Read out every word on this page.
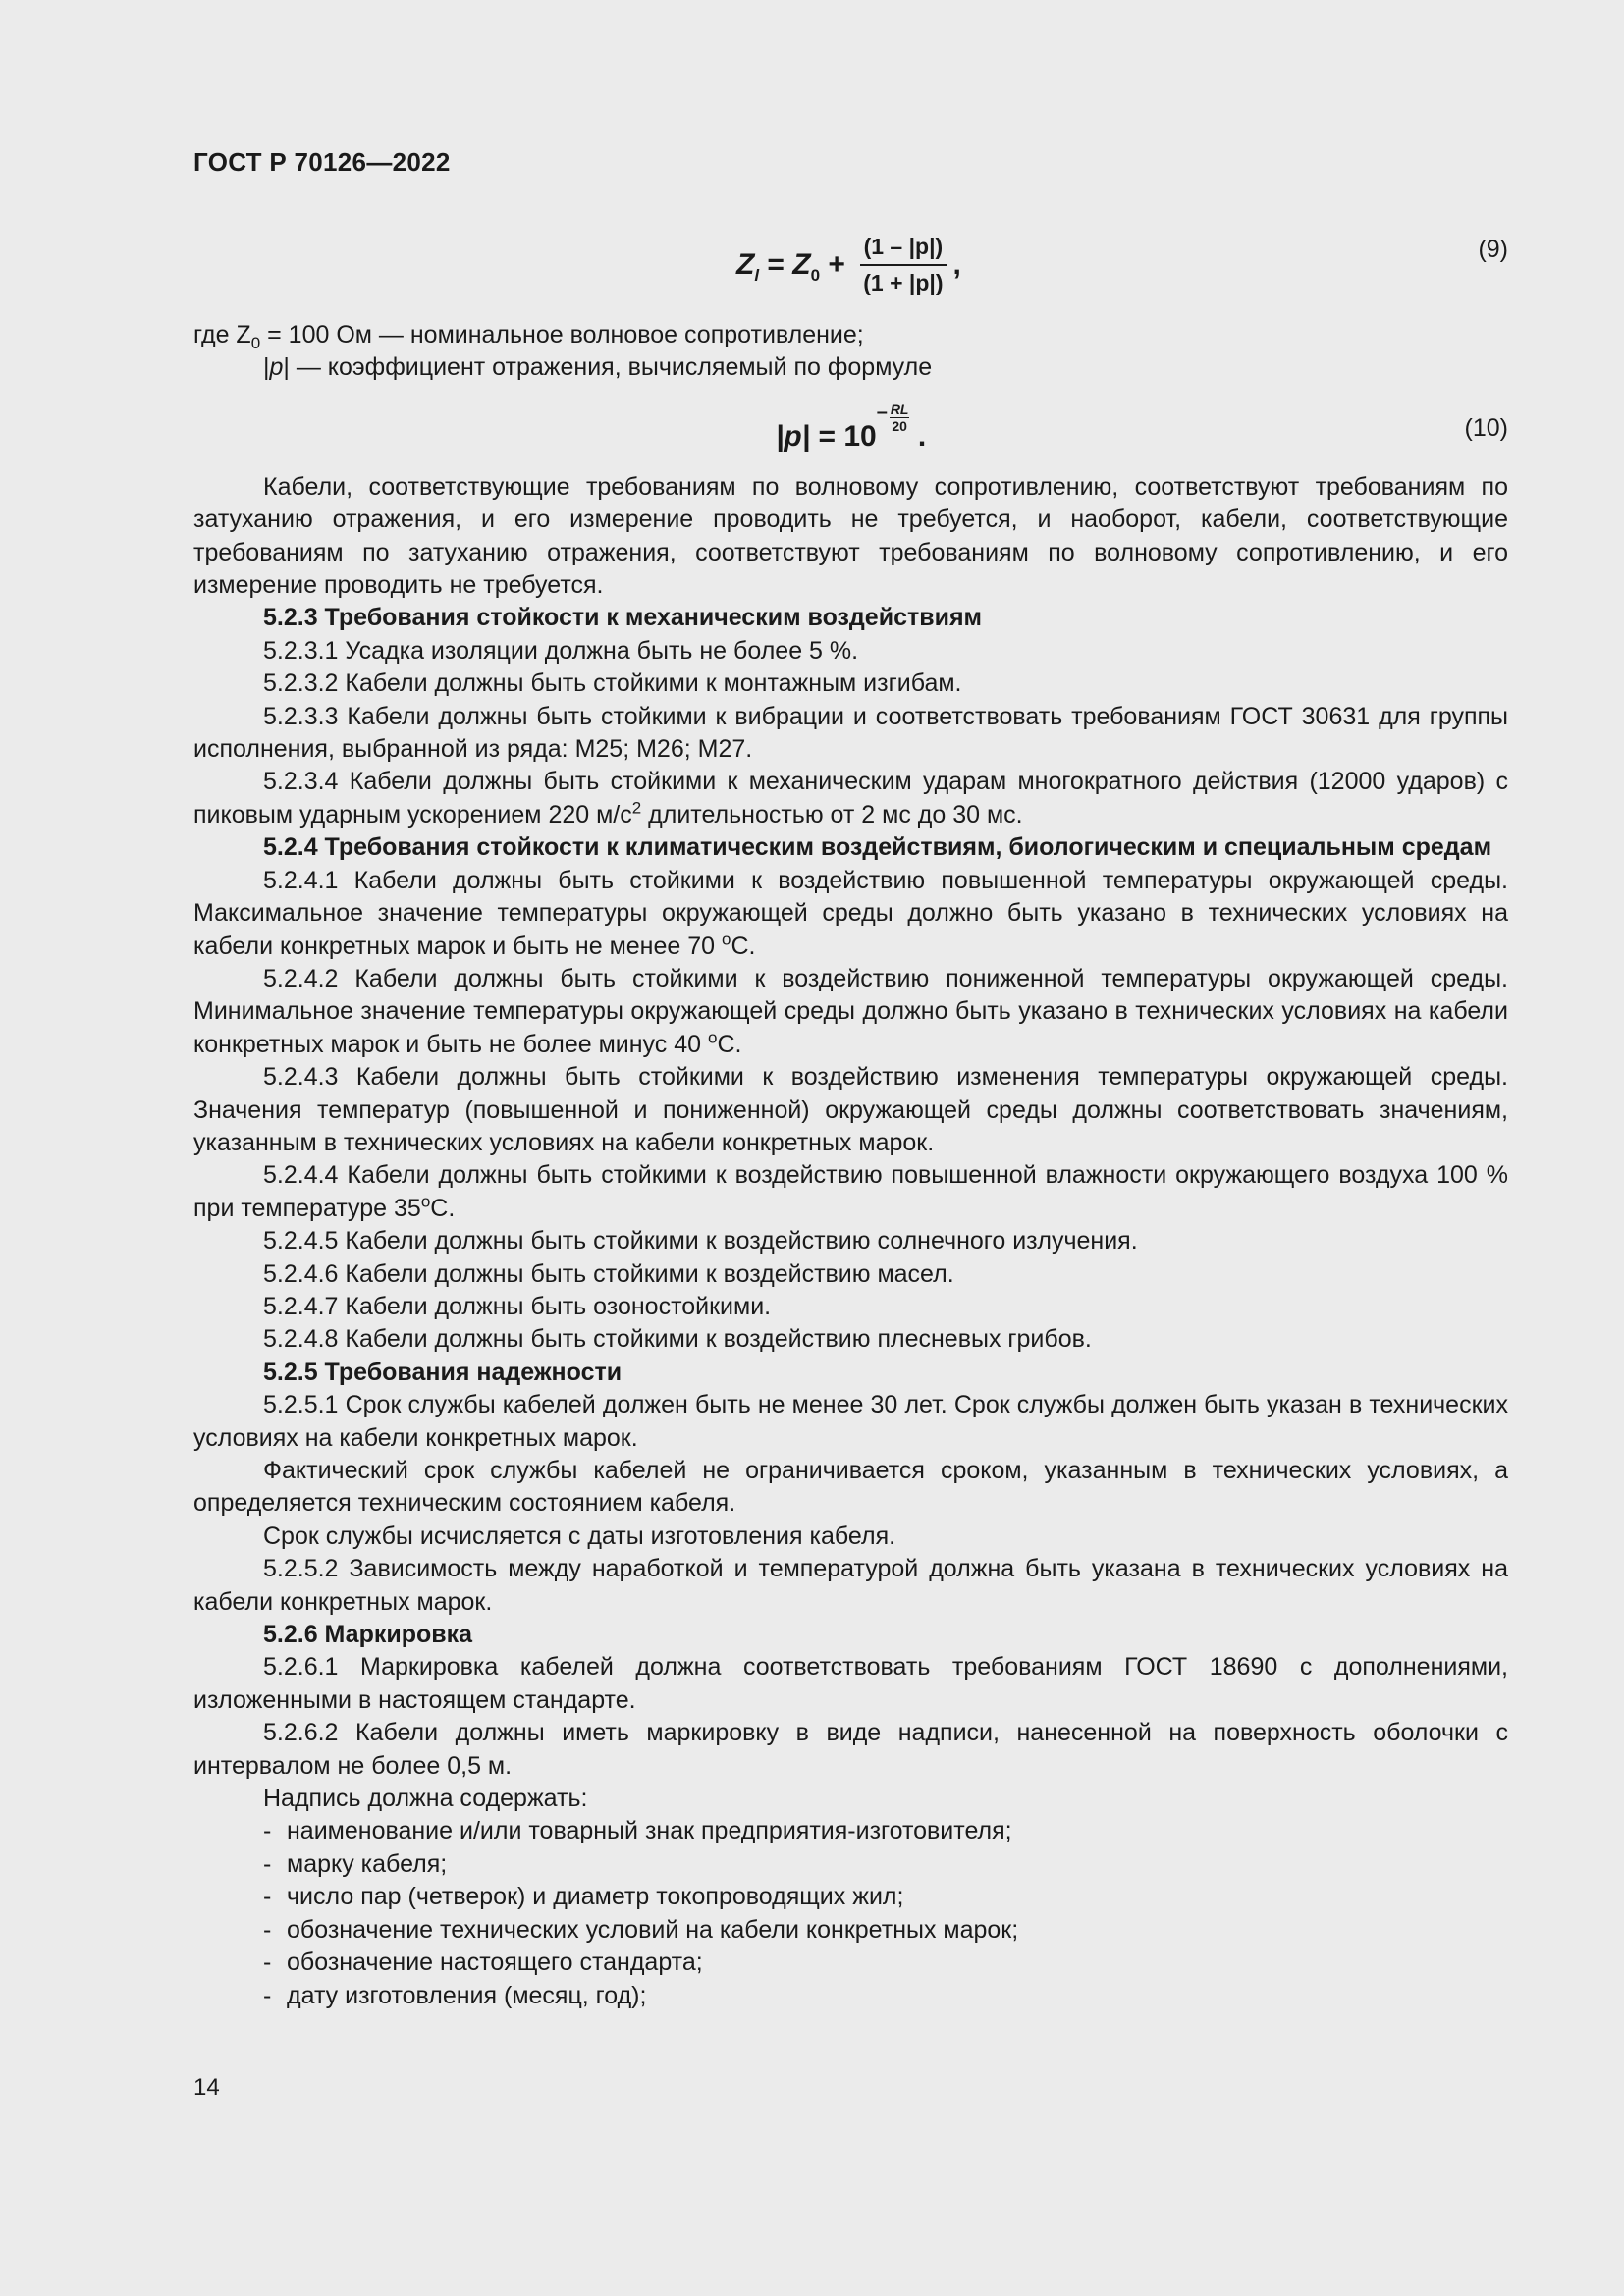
ГОСТ Р 70126—2022
$Z_l = Z_0 + \frac{(1 - |p|)}{(1 + |p|)}$ ,	(9)
|p| = 10
– $\frac{RL}{20}$
.	(10)

где $Z_0 = 100$ Ом — номинальное волновое сопротивление;

|p| — коэффициент отражения, вычисляемый по формуле

Кабели, соответствующие требованиям по волновому сопротивлению, соответствуют требованиям по затуханию отражения, и его измерение проводить не требуется, и наоборот, кабели, соответствующие требованиям по затуханию отражения, соответствуют требованиям по волновому сопротивлению, и его измерение проводить не требуется.

5.2.3 Требования стойкости к механическим воздействиям

5.2.3.1 Усадка изоляции должна быть не более 5 %.

5.2.3.2 Кабели должны быть стойкими к монтажным изгибам.

5.2.3.3 Кабели должны быть стойкими к вибрации и соответствовать требованиям ГОСТ 30631 для группы исполнения, выбранной из ряда: М25; М26; М27.

5.2.3.4 Кабели должны быть стойкими к механическим ударам многократного действия (12000 ударов) с пиковым ударным ускорением 220 $м/с^2$ длительностью от 2 мс до 30 мс.

5.2.4 Требования стойкости к климатическим воздействиям, биологическим и специальным средам

5.2.4.1 Кабели должны быть стойкими к воздействию повышенной температуры окружающей среды. Максимальное значение температуры окружающей среды должно быть указано в технических условиях на кабели конкретных марок и быть не менее 70 $^о$С.

5.2.4.2 Кабели должны быть стойкими к воздействию пониженной температуры окружающей среды. Минимальное значение температуры окружающей среды должно быть указано в технических условиях на кабели конкретных марок и быть не более минус 40 $^о$С.

5.2.4.3 Кабели должны быть стойкими к воздействию изменения температуры окружающей среды. Значения температур (повышенной и пониженной) окружающей среды должны соответствовать значениям, указанным в технических условиях на кабели конкретных марок.

5.2.4.4 Кабели должны быть стойкими к воздействию повышенной влажности окружающего воздуха 100 % при температуре $35^оС$.

5.2.4.5 Кабели должны быть стойкими к воздействию солнечного излучения.

5.2.4.6 Кабели должны быть стойкими к воздействию масел.

5.2.4.7 Кабели должны быть озоностойкими.

5.2.4.8 Кабели должны быть стойкими к воздействию плесневых грибов.

5.2.5 Требования надежности

5.2.5.1 Срок службы кабелей должен быть не менее 30 лет. Срок службы должен быть указан в технических условиях на кабели конкретных марок.

Фактический срок службы кабелей не ограничивается сроком, указанным в технических условиях, а определяется техническим состоянием кабеля.

Срок службы исчисляется с даты изготовления кабеля.

5.2.5.2 Зависимость между наработкой и температурой должна быть указана в технических условиях на кабели конкретных марок.

5.2.6 Маркировка

5.2.6.1 Маркировка кабелей должна соответствовать требованиям ГОСТ 18690 с дополнениями, изложенными в настоящем стандарте.

5.2.6.2 Кабели должны иметь маркировку в виде надписи, нанесенной на поверхность оболочки с интервалом не более 0,5 м.

Надпись должна содержать:

- наименование и/или товарный знак предприятия-изготовителя;

- марку кабеля;

- число пар (четверок) и диаметр токопроводящих жил;

- обозначение технических условий на кабели конкретных марок;

- обозначение настоящего стандарта;

- дату изготовления (месяц, год);

14
